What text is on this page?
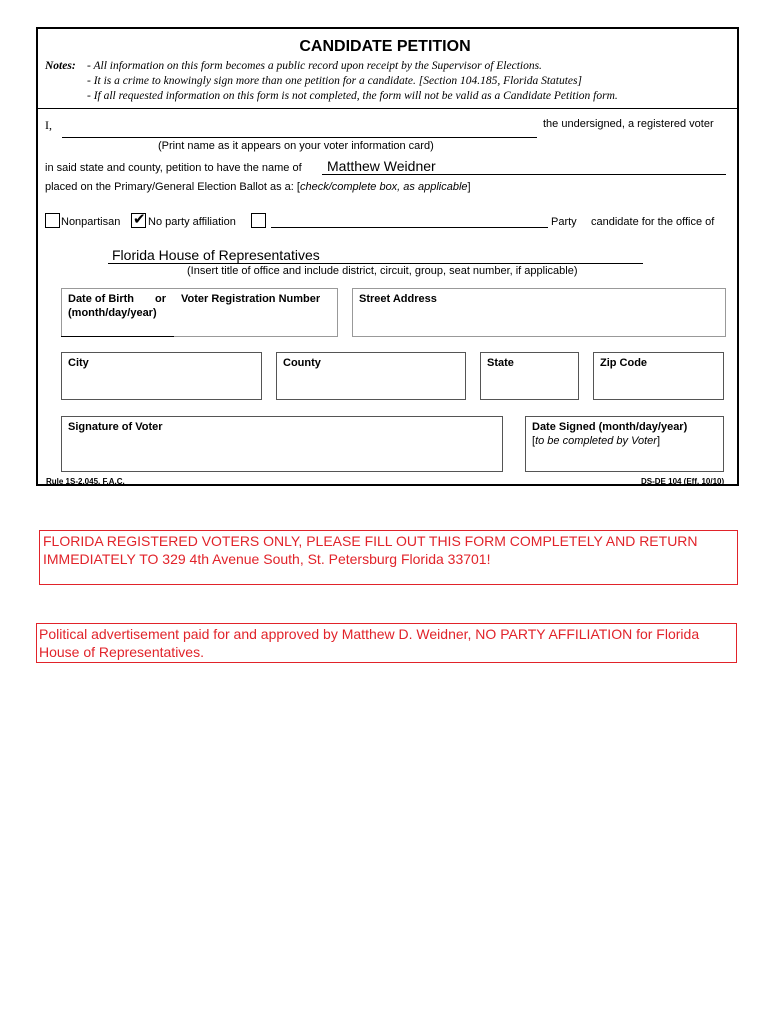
CANDIDATE PETITION
Notes: - All information on this form becomes a public record upon receipt by the Supervisor of Elections.
- It is a crime to knowingly sign more than one petition for a candidate. [Section 104.185, Florida Statutes]
- If all requested information on this form is not completed, the form will not be valid as a Candidate Petition form.
I,	the undersigned, a registered voter
(Print name as it appears on your voter information card)
in said state and county, petition to have the name of Matthew Weidner
placed on the Primary/General Election Ballot as a: [check/complete box, as applicable]
Nonpartisan ✔ No party affiliation	Party candidate for the office of
Florida House of Representatives
(Insert title of office and include district, circuit, group, seat number, if applicable)
Date of Birth or Voter Registration Number
(month/day/year)
Street Address
City	County	State	Zip Code
Signature of Voter	Date Signed (month/day/year)
[to be completed by Voter]
Rule 1S-2.045, F.A.C.	DS-DE 104 (Eff. 10/10)
FLORIDA REGISTERED VOTERS ONLY, PLEASE FILL OUT THIS FORM COMPLETELY AND RETURN IMMEDIATELY TO 329 4th Avenue South, St. Petersburg Florida 33701!
Political advertisement paid for and approved by Matthew D. Weidner, NO PARTY AFFILIATION for Florida House of Representatives.
